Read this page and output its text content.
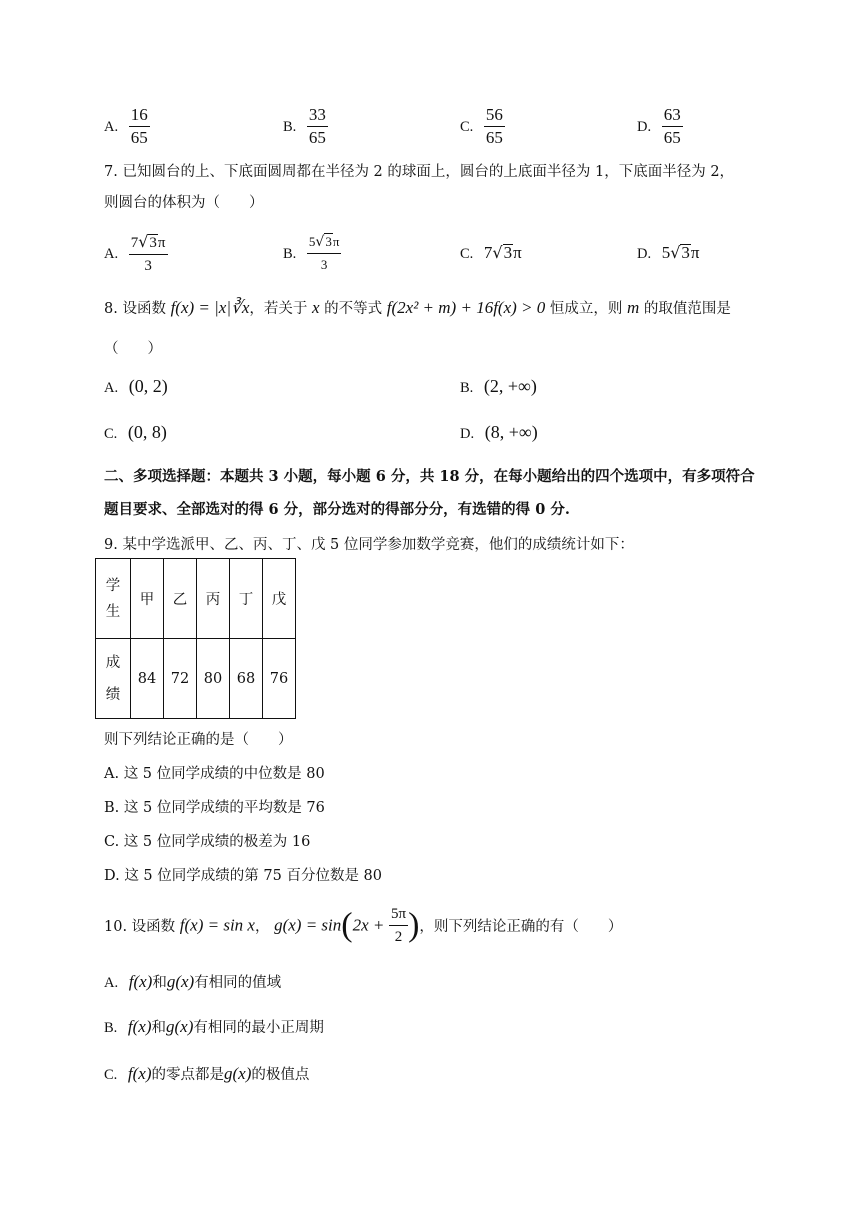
A. $\frac{16}{65}$	B. $\frac{33}{65}$	C. $\frac{56}{65}$	D. $\frac{63}{65}$
7. 已知圆台的上、下底面圆周都在半径为 2 的球面上，圆台的上底面半径为 1，下底面半径为 2，
则圆台的体积为（　　）
A. $\frac{7√3\pi}{3}$	B. $\frac{5√3\pi}{3}$	C. 7√3π	D. 5√3π
8. 设函数 f(x) = |x|∛x，若关于 x 的不等式 f(2x² + m) + 16f(x) > 0 恒成立，则 m 的取值范围是
（　　）
A. (0, 2)	B. (2, +∞)
C. (0, 8)	D. (8, +∞)
二、多项选择题：本题共 3 小题，每小题 6 分，共 18 分，在每小题给出的四个选项中，有多项符合
题目要求、全部选对的得 6 分，部分选对的得部分分，有选错的得 0 分.
9. 某中学选派甲、乙、丙、丁、戊 5 位同学参加数学竞赛，他们的成绩统计如下：
学
生	甲	乙	丙	丁	戊
成
绩	84	72	80	68	76
则下列结论正确的是（　　）
A. 这 5 位同学成绩的中位数是 80
B. 这 5 位同学成绩的平均数是 76
C. 这 5 位同学成绩的极差为 16
D. 这 5 位同学成绩的第 75 百分位数是 80
10. 设函数 f(x) = sin x， $g(x) = \sin(2x + \frac{5\pi}{2}$ )，则下列结论正确的有（　　）
A. f(x)和g(x)有相同的值域
B. f(x)和g(x)有相同的最小正周期
C. f(x)的零点都是g(x)的极值点
